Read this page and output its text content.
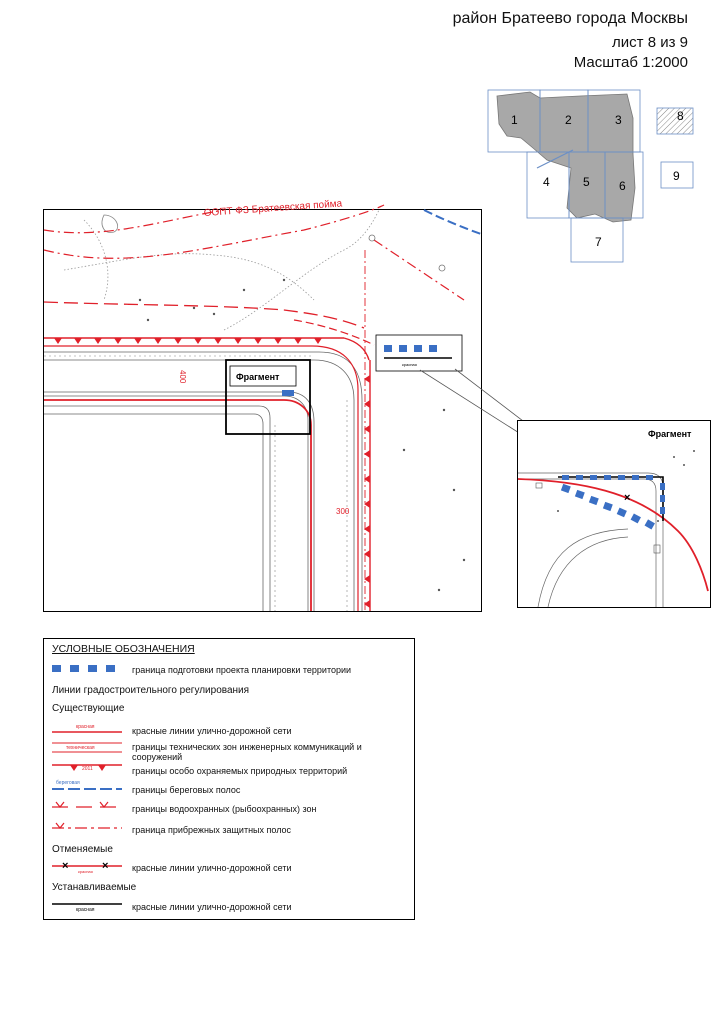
район Братеево города Москвы
лист 8 из 9
Масштаб 1:2000
1	2	3
4	5 6
7
8
9
ООПТ ФЗ Братеевская пойма
400
300
Фрагмент
красная
Фрагмент
×
УСЛОВНЫЕ ОБОЗНАЧЕНИЯ
граница подготовки проекта планировки территории
Линии градостроительного регулирования
Существующие
красная	красные линии улично-дорожной сети
техническая	границы технических зон инженерных коммуникаций и сооружений
2011	границы особо охраняемых природных территорий
береговая
границы береговых полос
границы водоохранных (рыбоохранных) зон
граница прибрежных защитных полос
Отменяемые
×	×
красная	красные линии улично-дорожной сети
Устанавливаемые
красная	красные линии улично-дорожной сети
